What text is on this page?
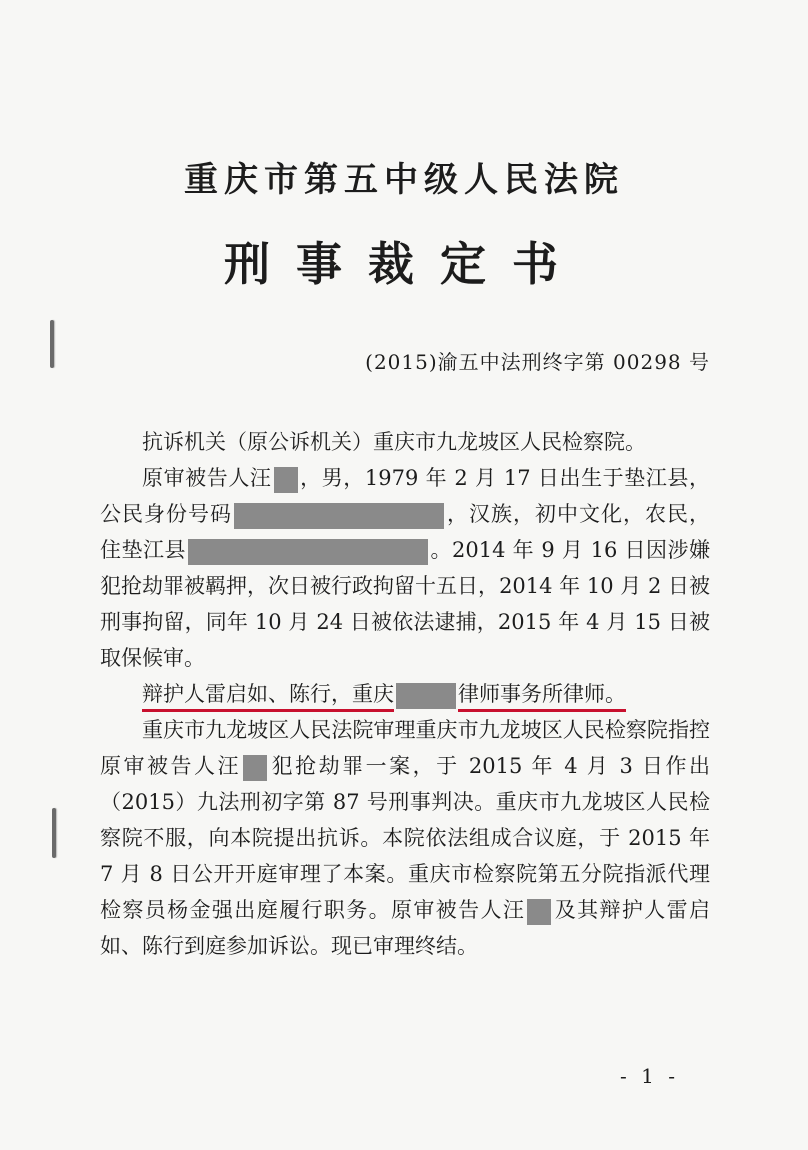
重庆市第五中级人民法院
刑事裁定书
(2015)渝五中法刑终字第 00298 号

抗诉机关（原公诉机关）重庆市九龙坡区人民检察院。

原审被告人汪 ，男，1979 年 2 月 17 日出生于垫江县，公民身份号码	，汉族，初中文化，农民，住垫江县	。2014 年 9 月 16 日因涉嫌犯抢劫罪被羁押，次日被行政拘留十五日，2014 年 10 月 2 日被刑事拘留，同年 10 月 24 日被依法逮捕，2015 年 4 月 15 日被取保候审。

辩护人雷启如、陈行，重庆	律师事务所律师。

重庆市九龙坡区人民法院审理重庆市九龙坡区人民检察院指控原审被告人汪 犯抢劫罪一案，于 2015 年 4 月 3 日作出（2015）九法刑初字第 87 号刑事判决。重庆市九龙坡区人民检察院不服，向本院提出抗诉。本院依法组成合议庭，于 2015 年 7 月 8 日公开开庭审理了本案。重庆市检察院第五分院指派代理检察员杨金强出庭履行职务。原审被告人汪 及其辩护人雷启如、陈行到庭参加诉讼。现已审理终结。

- 1 -
